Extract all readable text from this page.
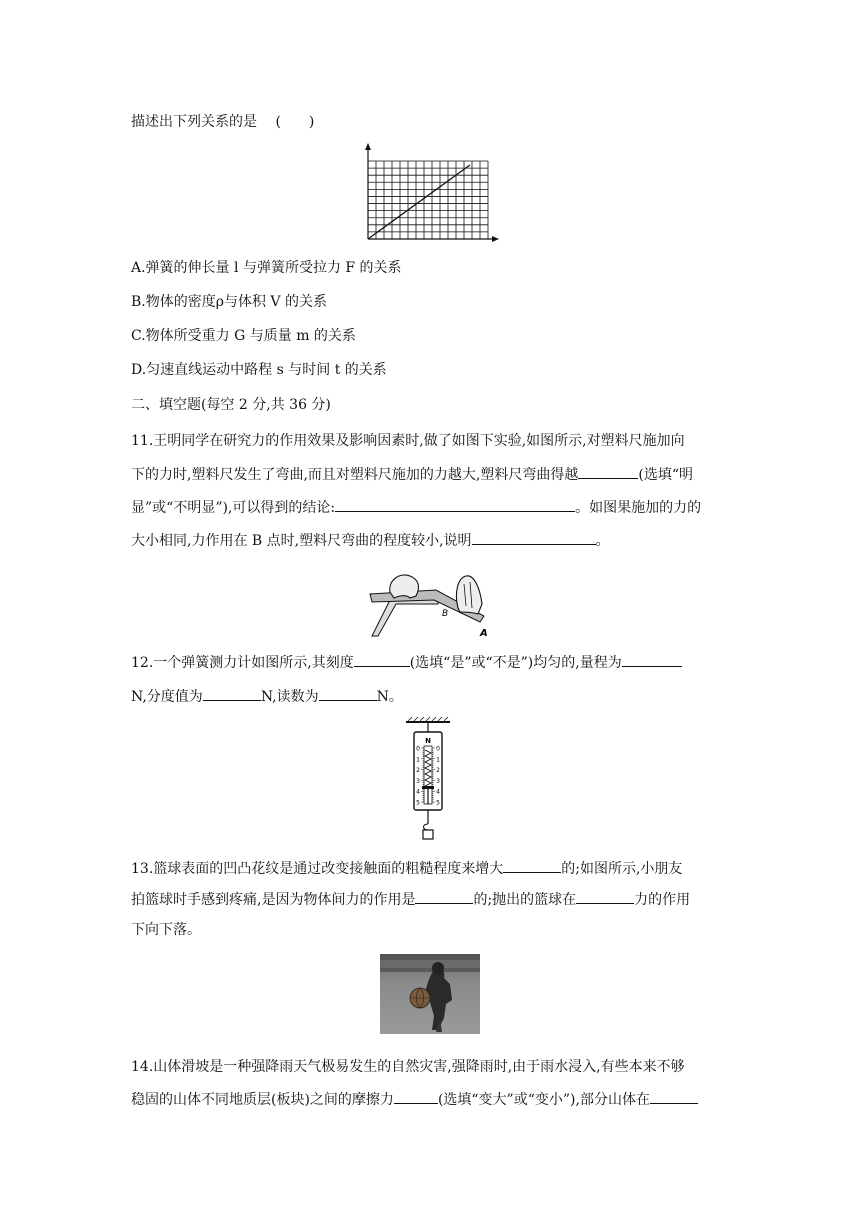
描述出下列关系的是 (　　)
A.弹簧的伸长量 l 与弹簧所受拉力 F 的关系
B.物体的密度ρ与体积 V 的关系
C.物体所受重力 G 与质量 m 的关系
D.匀速直线运动中路程 s 与时间 t 的关系
二、填空题(每空 2 分,共 36 分)
11.王明同学在研究力的作用效果及影响因素时,做了如图下实验,如图所示,对塑料尺施加向
下的力时,塑料尺发生了弯曲,而且对塑料尺施加的力越大,塑料尺弯曲得越	(选填“明
显”或“不明显”),可以得到的结论:	。如图果施加的力的
大小相同,力作用在 B 点时,塑料尺弯曲的程度较小,说明	。
B
A
12.一个弹簧测力计如图所示,其刻度	(选填“是”或“不是”)均匀的,量程为
N,分度值为	N,读数为	N。
0
1
2
3
4
5
0
1
2
3
4
5
N
13.篮球表面的凹凸花纹是通过改变接触面的粗糙程度来增大	的;如图所示,小朋友
拍篮球时手感到疼痛,是因为物体间力的作用是	的;抛出的篮球在	力的作用
下向下落。
14.山体滑坡是一种强降雨天气极易发生的自然灾害,强降雨时,由于雨水浸入,有些本来不够
稳固的山体不同地质层(板块)之间的摩擦力	(选填“变大”或“变小”),部分山体在
